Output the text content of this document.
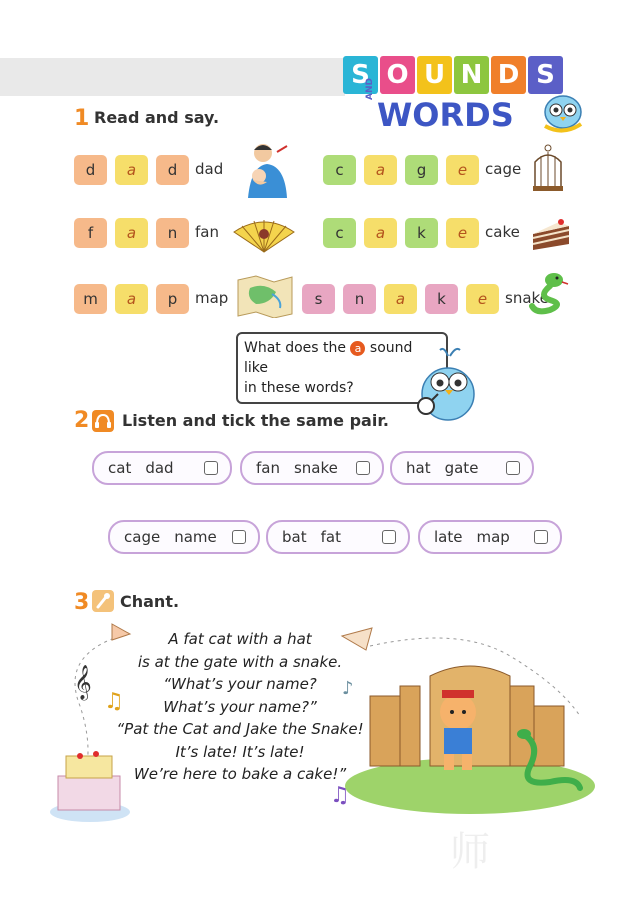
S O U N D S
AND
WORDS
1 Read and say.
d	a	d	dad
f	a	n	fan
m	a	p	map
c	a	g	e	cage
c	a	k	e	cake
s	n	a	k	e	snake
What does the a sound like
in these words?
2 Listen and tick the same pair.
cat dad	fan snake	hat gate
cage name	bat fat	late map
3 Chant.
𝄞
♫
♪
♫
A fat cat with a hat
is at the gate with a snake.
“What’s your name?
What’s your name?”
“Pat the Cat and Jake the Snake!
It’s late! It’s late!
We’re here to bake a cake!”
师
